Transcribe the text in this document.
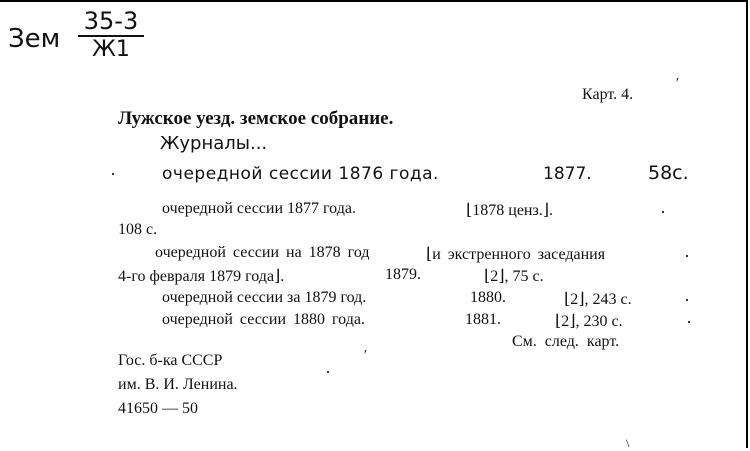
Зем
35-3
Ж1
Карт. 4.
Лужское уезд. земское собрание.
Журналы...
очередной сессии 1876 года.	1877.	58с.
очередной сессии 1877 года.	⌊1878 ценз.⌋.
108 с.
очередной сессии на 1878 год	⌊и экстренного заседания
4-го февраля 1879 года⌋.	1879.	⌊2⌋, 75 с.
очередной сессии за 1879 год.	1880.	⌊2⌋, 243 с.
очередной сессии 1880 года.	1881.	⌊2⌋, 230 с.
См. след. карт.
Гос. б-ка СССР
им. В. И. Ленина.
41650 — 50
·
·
·
·
·
·
′
′
\
